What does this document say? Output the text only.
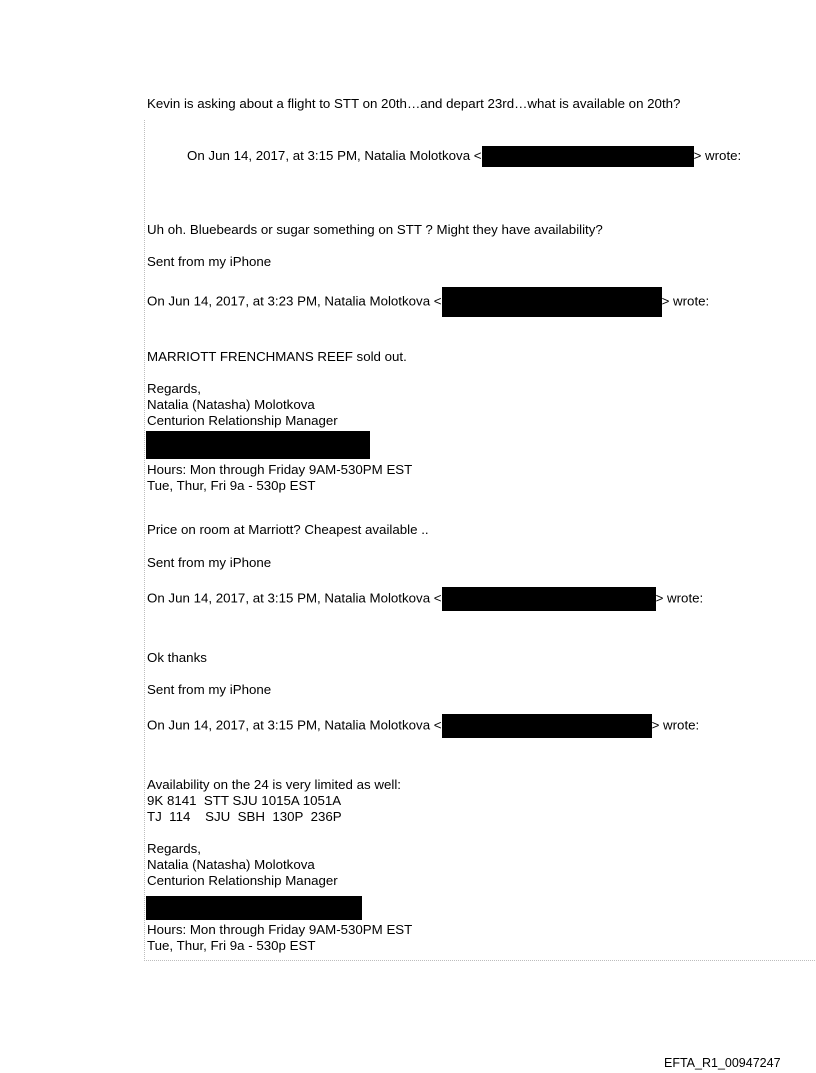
Kevin is asking about a flight to STT on 20th…and depart 23rd…what is available on 20th?
On Jun 14, 2017, at 3:15 PM, Natalia Molotkova <	> wrote:
Uh oh. Bluebeards or sugar something on STT ? Might they have availability?
Sent from my iPhone
On Jun 14, 2017, at 3:23 PM, Natalia Molotkova <	> wrote:
MARRIOTT FRENCHMANS REEF sold out.
Regards,
Natalia (Natasha) Molotkova
Centurion Relationship Manager
Hours: Mon through Friday 9AM-530PM EST
Tue, Thur, Fri 9a - 530p EST
Price on room at Marriott? Cheapest available ..
Sent from my iPhone
On Jun 14, 2017, at 3:15 PM, Natalia Molotkova <	> wrote:
Ok thanks
Sent from my iPhone
On Jun 14, 2017, at 3:15 PM, Natalia Molotkova <	> wrote:
Availability on the 24 is very limited as well:
9K 8141  STT SJU 1015A 1051A
TJ  114    SJU  SBH  130P  236P
Regards,
Natalia (Natasha) Molotkova
Centurion Relationship Manager
Hours: Mon through Friday 9AM-530PM EST
Tue, Thur, Fri 9a - 530p EST
EFTA_R1_00947247
